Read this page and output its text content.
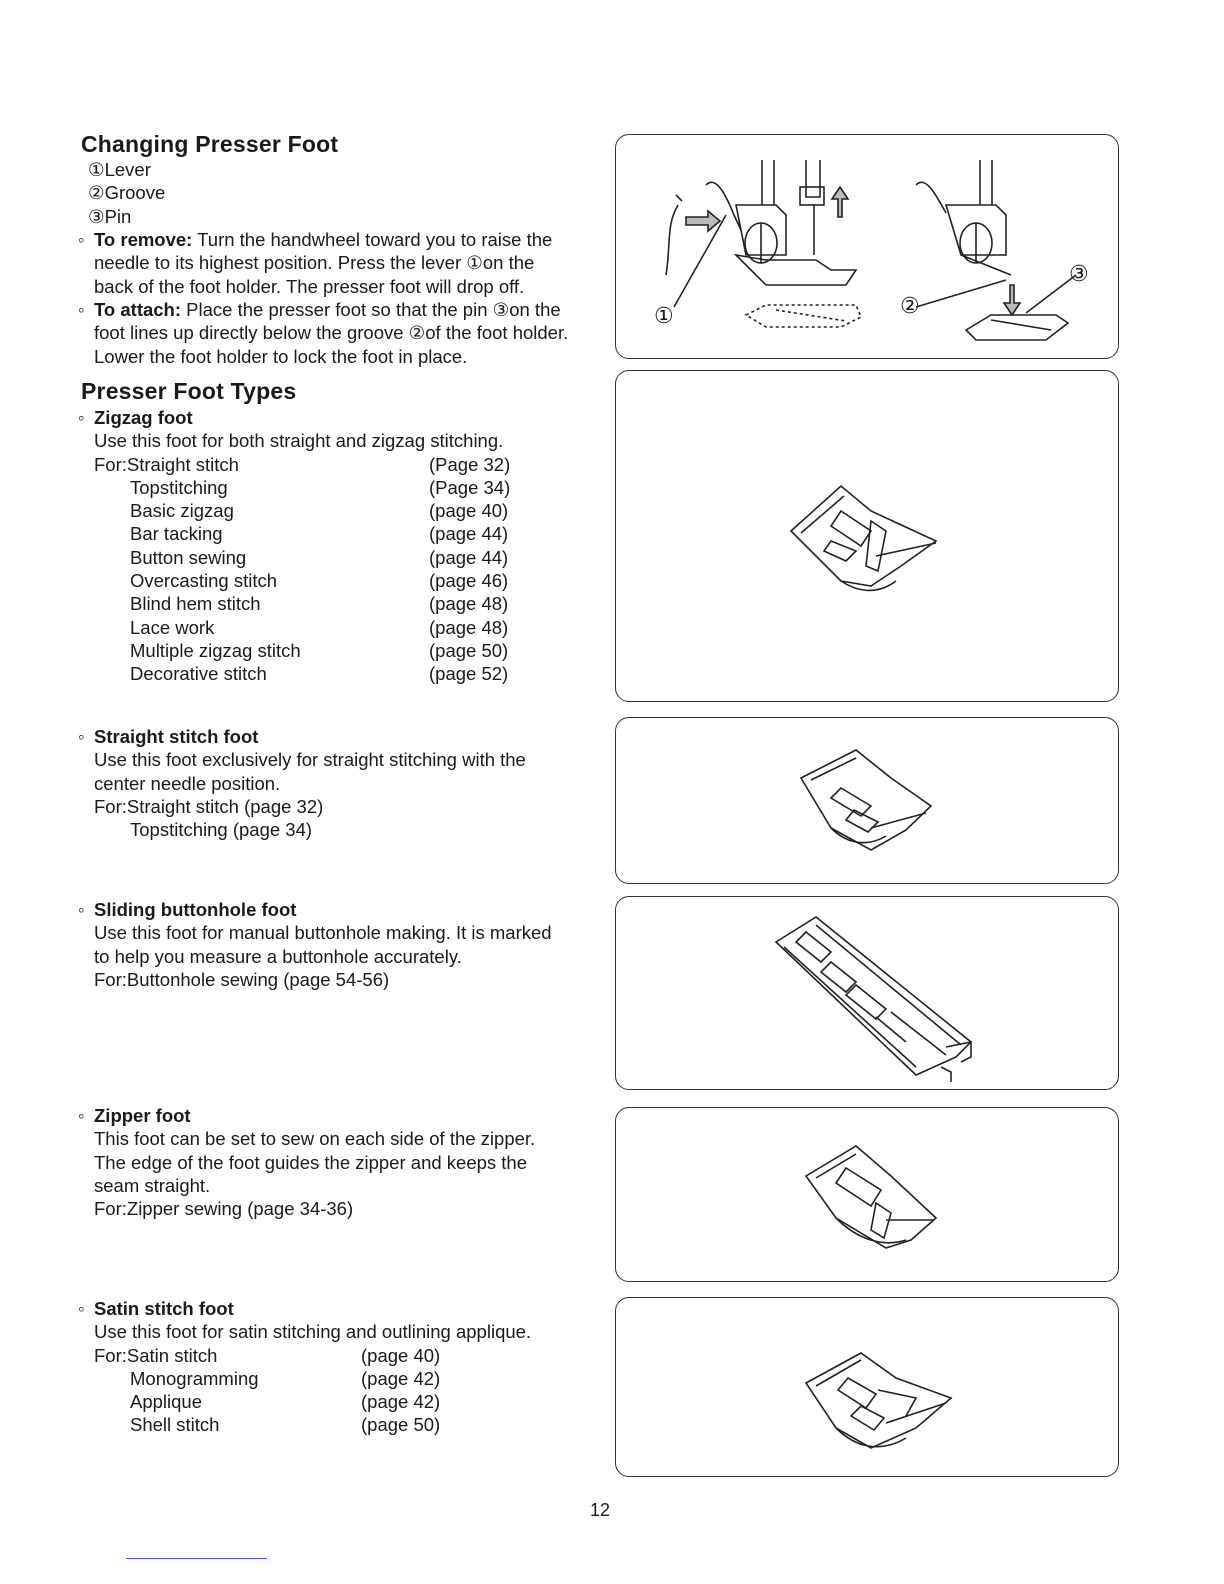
Changing Presser Foot
①Lever
②Groove
③Pin
◦ To remove: Turn the handwheel toward you to raise the
needle to its highest position. Press the lever ①on the
back of the foot holder. The presser foot will drop off.
◦ To attach: Place the presser foot so that the pin ③on the
foot lines up directly below the groove ②of the foot holder.
Lower the foot holder to lock the foot in place.
Presser Foot Types
◦ Zigzag foot
Use this foot for both straight and zigzag stitching.
For:Straight stitch	(Page 32)
Topstitching	(Page 34)
Basic zigzag	(page 40)
Bar tacking	(page 44)
Button sewing	(page 44)
Overcasting stitch	(page 46)
Blind hem stitch	(page 48)
Lace work	(page 48)
Multiple zigzag stitch	(page 50)
Decorative stitch	(page 52)
◦ Straight stitch foot
Use this foot exclusively for straight stitching with the
center needle position.
For:Straight stitch (page 32)
Topstitching (page 34)
◦ Sliding buttonhole foot
Use this foot for manual buttonhole making. It is marked
to help you measure a buttonhole accurately.
For:Buttonhole sewing (page 54-56)
◦ Zipper foot
This foot can be set to sew on each side of the zipper.
The edge of the foot guides the zipper and keeps the
seam straight.
For:Zipper sewing (page 34-36)
◦ Satin stitch foot
Use this foot for satin stitching and outlining applique.
For:Satin stitch	(page 40)
Monogramming	(page 42)
Applique	(page 42)
Shell stitch	(page 50)
①	②
③
12
